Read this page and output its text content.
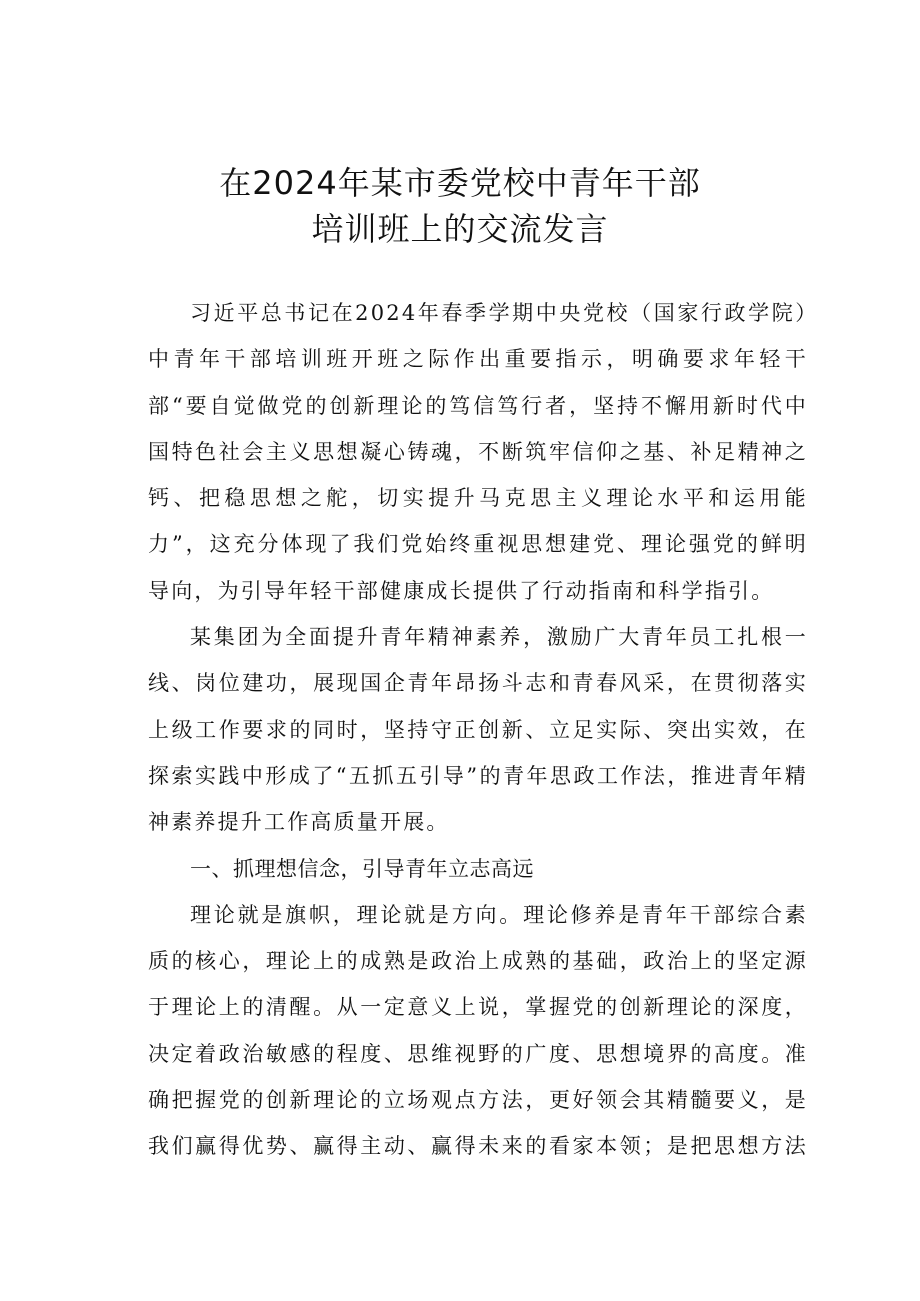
在2024年某市委党校中青年干部
培训班上的交流发言

习近平总书记在2024年春季学期中央党校（国家行政学院）中青年干部培训班开班之际作出重要指示，明确要求年轻干部“要自觉做党的创新理论的笃信笃行者，坚持不懈用新时代中国特色社会主义思想凝心铸魂，不断筑牢信仰之基、补足精神之钙、把稳思想之舵，切实提升马克思主义理论水平和运用能力”，这充分体现了我们党始终重视思想建党、理论强党的鲜明导向，为引导年轻干部健康成长提供了行动指南和科学指引。

某集团为全面提升青年精神素养，激励广大青年员工扎根一线、岗位建功，展现国企青年昂扬斗志和青春风采，在贯彻落实上级工作要求的同时，坚持守正创新、立足实际、突出实效，在探索实践中形成了“五抓五引导”的青年思政工作法，推进青年精神素养提升工作高质量开展。

一、抓理想信念，引导青年立志高远

理论就是旗帜，理论就是方向。理论修养是青年干部综合素质的核心，理论上的成熟是政治上成熟的基础，政治上的坚定源于理论上的清醒。从一定意义上说，掌握党的创新理论的深度，决定着政治敏感的程度、思维视野的广度、思想境界的高度。准确把握党的创新理论的立场观点方法，更好领会其精髓要义，是我们赢得优势、赢得主动、赢得未来的看家本领；是把思想方法
